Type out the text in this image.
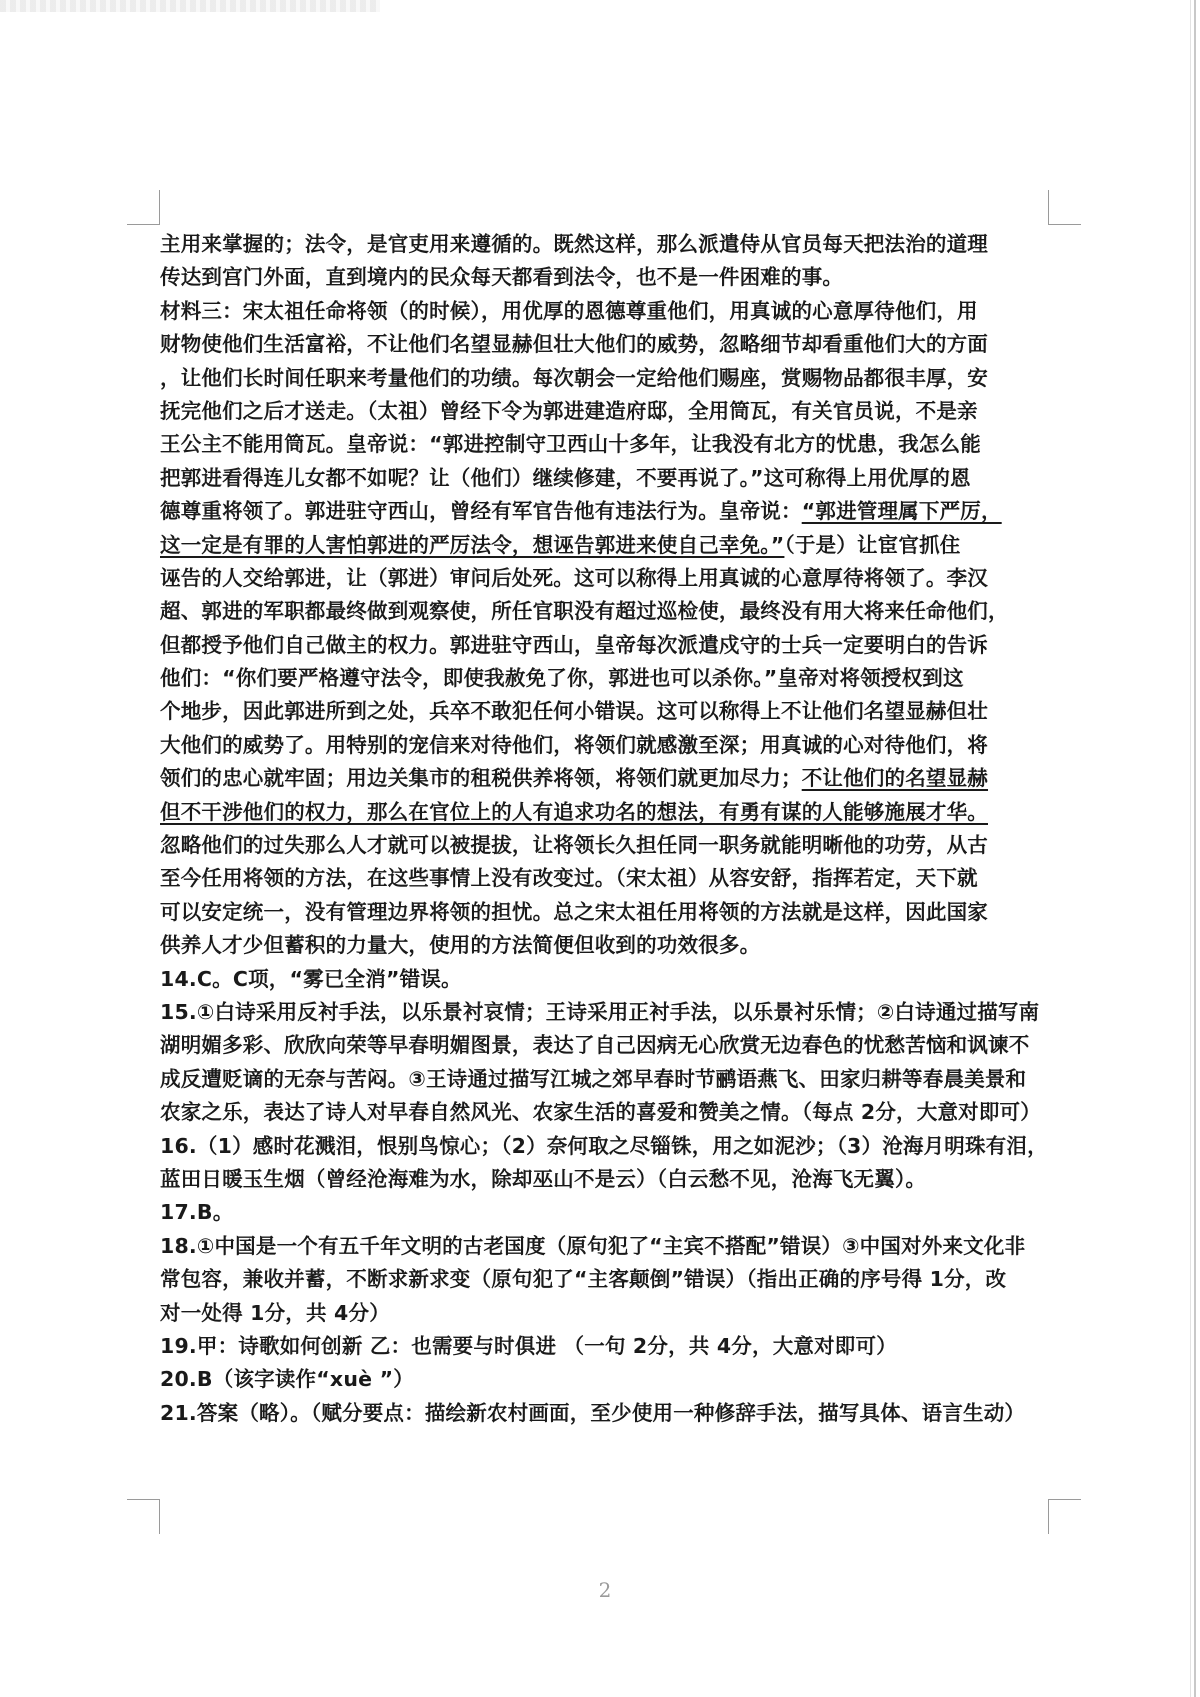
主用来掌握的；法令，是官吏用来遵循的。既然这样，那么派遣侍从官员每天把法治的道理
传达到宫门外面，直到境内的民众每天都看到法令，也不是一件困难的事。
材料三：宋太祖任命将领（的时候），用优厚的恩德尊重他们，用真诚的心意厚待他们，用
财物使他们生活富裕，不让他们名望显赫但壮大他们的威势，忽略细节却看重他们大的方面
，让他们长时间任职来考量他们的功绩。每次朝会一定给他们赐座，赏赐物品都很丰厚，安
抚完他们之后才送走。（太祖）曾经下令为郭进建造府邸，全用筒瓦，有关官员说，不是亲
王公主不能用筒瓦。皇帝说：“郭进控制守卫西山十多年，让我没有北方的忧患，我怎么能
把郭进看得连儿女都不如呢？让（他们）继续修建，不要再说了。”这可称得上用优厚的恩
德尊重将领了。郭进驻守西山，曾经有军官告他有违法行为。皇帝说：“郭进管理属下严厉，
这一定是有罪的人害怕郭进的严厉法令，想诬告郭进来使自己幸免。”（于是）让宦官抓住
诬告的人交给郭进，让（郭进）审问后处死。这可以称得上用真诚的心意厚待将领了。李汉
超、郭进的军职都最终做到观察使，所任官职没有超过巡检使，最终没有用大将来任命他们，
但都授予他们自己做主的权力。郭进驻守西山，皇帝每次派遣戍守的士兵一定要明白的告诉
他们：“你们要严格遵守法令，即使我赦免了你，郭进也可以杀你。”皇帝对将领授权到这
个地步，因此郭进所到之处，兵卒不敢犯任何小错误。这可以称得上不让他们名望显赫但壮
大他们的威势了。用特别的宠信来对待他们，将领们就感激至深；用真诚的心对待他们，将
领们的忠心就牢固；用边关集市的租税供养将领，将领们就更加尽力；不让他们的名望显赫
但不干涉他们的权力，那么在官位上的人有追求功名的想法，有勇有谋的人能够施展才华。
忽略他们的过失那么人才就可以被提拔，让将领长久担任同一职务就能明晰他的功劳，从古
至今任用将领的方法，在这些事情上没有改变过。（宋太祖）从容安舒，指挥若定，天下就
可以安定统一，没有管理边界将领的担忧。总之宋太祖任用将领的方法就是这样，因此国家
供养人才少但蓄积的力量大，使用的方法简便但收到的功效很多。
14.C。C项，“雾已全消”错误。
15.①白诗采用反衬手法，以乐景衬哀情；王诗采用正衬手法，以乐景衬乐情；②白诗通过描写南
湖明媚多彩、欣欣向荣等早春明媚图景，表达了自己因病无心欣赏无边春色的忧愁苦恼和讽谏不
成反遭贬谪的无奈与苦闷。③王诗通过描写江城之郊早春时节鹂语燕飞、田家归耕等春晨美景和
农家之乐，表达了诗人对早春自然风光、农家生活的喜爱和赞美之情。（每点 2分，大意对即可）
16.（1）感时花溅泪，恨别鸟惊心；（2）奈何取之尽锱铢，用之如泥沙；（3）沧海月明珠有泪，
蓝田日暖玉生烟（曾经沧海难为水，除却巫山不是云）（白云愁不见，沧海飞无翼）。
17.B。
18.①中国是一个有五千年文明的古老国度（原句犯了“主宾不搭配”错误）③中国对外来文化非
常包容，兼收并蓄，不断求新求变（原句犯了“主客颠倒”错误）（指出正确的序号得 1分，改
对一处得 1分，共 4分）
19.甲：诗歌如何创新 乙：也需要与时俱进 （一句 2分，共 4分，大意对即可）
20.B（该字读作“xuè ”）
21.答案（略）。（赋分要点：描绘新农村画面，至少使用一种修辞手法，描写具体、语言生动）
2
